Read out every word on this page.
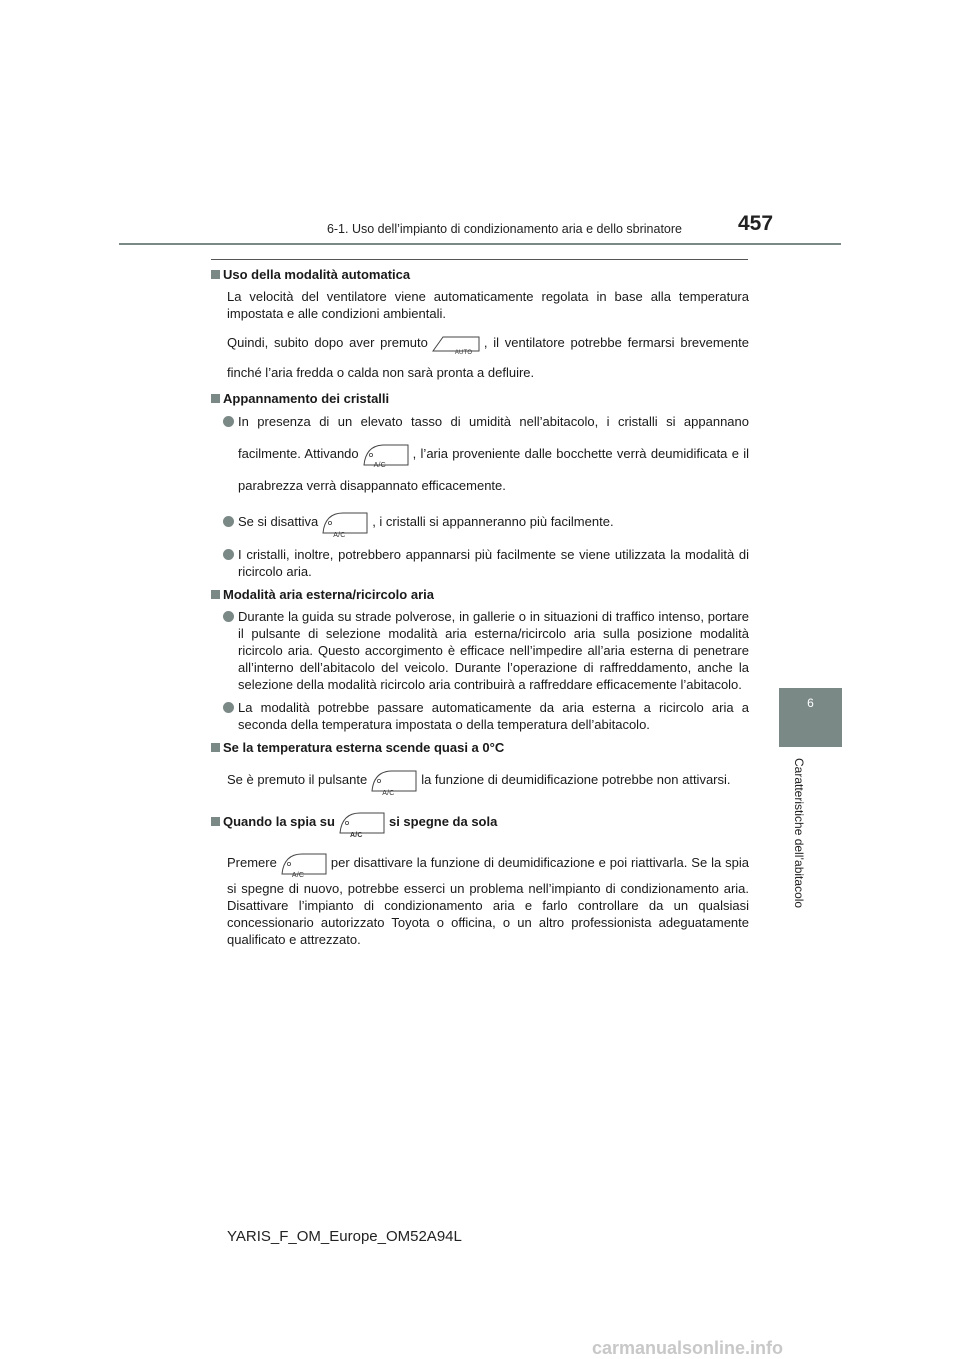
6-1. Uso dell’impianto di condizionamento aria e dello sbrinatore	457
6
Caratteristiche dell’abitacolo
Uso della modalità automatica

La velocità del ventilatore viene automaticamente regolata in base alla temperatura impostata e alle condizioni ambientali.

Quindi, subito dopo aver premuto
AUTO
, il ventilatore potrebbe fermarsi brevemente finché l’aria fredda o calda non sarà pronta a defluire.

Appannamento dei cristalli
In presenza di un elevato tasso di umidità nell’abitacolo, i cristalli si appannano facilmente. Attivando
A/C
, l’aria proveniente dalle bocchette verrà deumidificata e il parabrezza verrà disappannato efficacemente.
Se si disattiva
A/C
, i cristalli si appanneranno più facilmente.
I cristalli, inoltre, potrebbero appannarsi più facilmente se viene utilizzata la modalità di ricircolo aria.
Modalità aria esterna/ricircolo aria
Durante la guida su strade polverose, in gallerie o in situazioni di traffico intenso, portare il pulsante di selezione modalità aria esterna/ricircolo aria sulla posizione modalità ricircolo aria. Questo accorgimento è efficace nell’impedire all’aria esterna di penetrare all’interno dell’abitacolo del veicolo. Durante l’operazione di raffreddamento, anche la selezione della modalità ricircolo aria contribuirà a raffreddare efficacemente l’abitacolo.
La modalità potrebbe passare automaticamente da aria esterna a ricircolo aria a seconda della temperatura impostata o della temperatura dell’abitacolo.
Se la temperatura esterna scende quasi a 0°C

Se è premuto il pulsante
A/C
la funzione di deumidificazione potrebbe non attivarsi.

Quando la spia su
A/C
si spegne da sola

Premere
A/C
per disattivare la funzione di deumidificazione e poi riattivarla. Se la spia si spegne di nuovo, potrebbe esserci un problema nell’impianto di condizionamento aria. Disattivare l’impianto di condizionamento aria e farlo controllare da un qualsiasi concessionario autorizzato Toyota o officina, o un altro professionista adeguatamente qualificato e attrezzato.

YARIS_F_OM_Europe_OM52A94L
carmanualsonline.info
